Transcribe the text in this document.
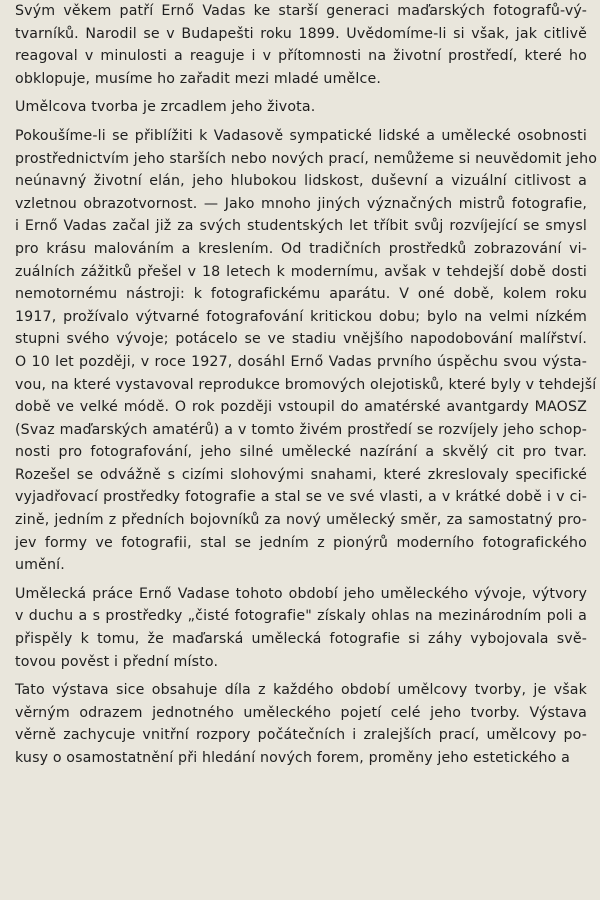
Svým věkem patří Ernő Vadas ke starší generaci maďarských fotografů-vý-
tvarníků. Narodil se v Budapešti roku 1899. Uvědomíme-li si však, jak citlivě
reagoval v minulosti a reaguje i v přítomnosti na životní prostředí, které ho
obklopuje, musíme ho zařadit mezi mladé umělce.
Umělcova tvorba je zrcadlem jeho života.
Pokoušíme-li se přiblížiti k Vadasově sympatické lidské a umělecké osobnosti
prostřednictvím jeho starších nebo nových prací, nemůžeme si neuvědomit jeho
neúnavný životní elán, jeho hlubokou lidskost, duševní a vizuální citlivost a
vzletnou obrazotvornost. — Jako mnoho jiných význačných mistrů fotografie,
i Ernő Vadas začal již za svých studentských let tříbit svůj rozvíjející se smysl
pro krásu malováním a kreslením. Od tradičních prostředků zobrazování vi-
zuálních zážitků přešel v 18 letech k modernímu, avšak v tehdejší době dosti
nemotornému nástroji: k fotografickému aparátu. V oné době, kolem roku
1917, prožívalo výtvarné fotografování kritickou dobu; bylo na velmi nízkém
stupni svého vývoje; potácelo se ve stadiu vnějšího napodobování malířství.
O 10 let později, v roce 1927, dosáhl Ernő Vadas prvního úspěchu svou výsta-
vou, na které vystavoval reprodukce bromových olejotisků, které byly v tehdejší
době ve velké módě. O rok později vstoupil do amatérské avantgardy MAOSZ
(Svaz maďarských amatérů) a v tomto živém prostředí se rozvíjely jeho schop-
nosti pro fotografování, jeho silné umělecké nazírání a skvělý cit pro tvar.
Rozešel se odvážně s cizími slohovými snahami, které zkreslovaly specifické
vyjadřovací prostředky fotografie a stal se ve své vlasti, a v krátké době i v ci-
zině, jedním z předních bojovníků za nový umělecký směr, za samostatný pro-
jev formy ve fotografii, stal se jedním z pionýrů moderního fotografického
umění.
Umělecká práce Ernő Vadase tohoto období jeho uměleckého vývoje, výtvory
v duchu a s prostředky „čisté fotografie" získaly ohlas na mezinárodním poli a
přispěly k tomu, že maďarská umělecká fotografie si záhy vybojovala svě-
tovou pověst i přední místo.
Tato výstava sice obsahuje díla z každého období umělcovy tvorby, je však
věrným odrazem jednotného uměleckého pojetí celé jeho tvorby. Výstava
věrně zachycuje vnitřní rozpory počátečních i zralejších prací, umělcovy po-
kusy o osamostatnění při hledání nových forem, proměny jeho estetického a
